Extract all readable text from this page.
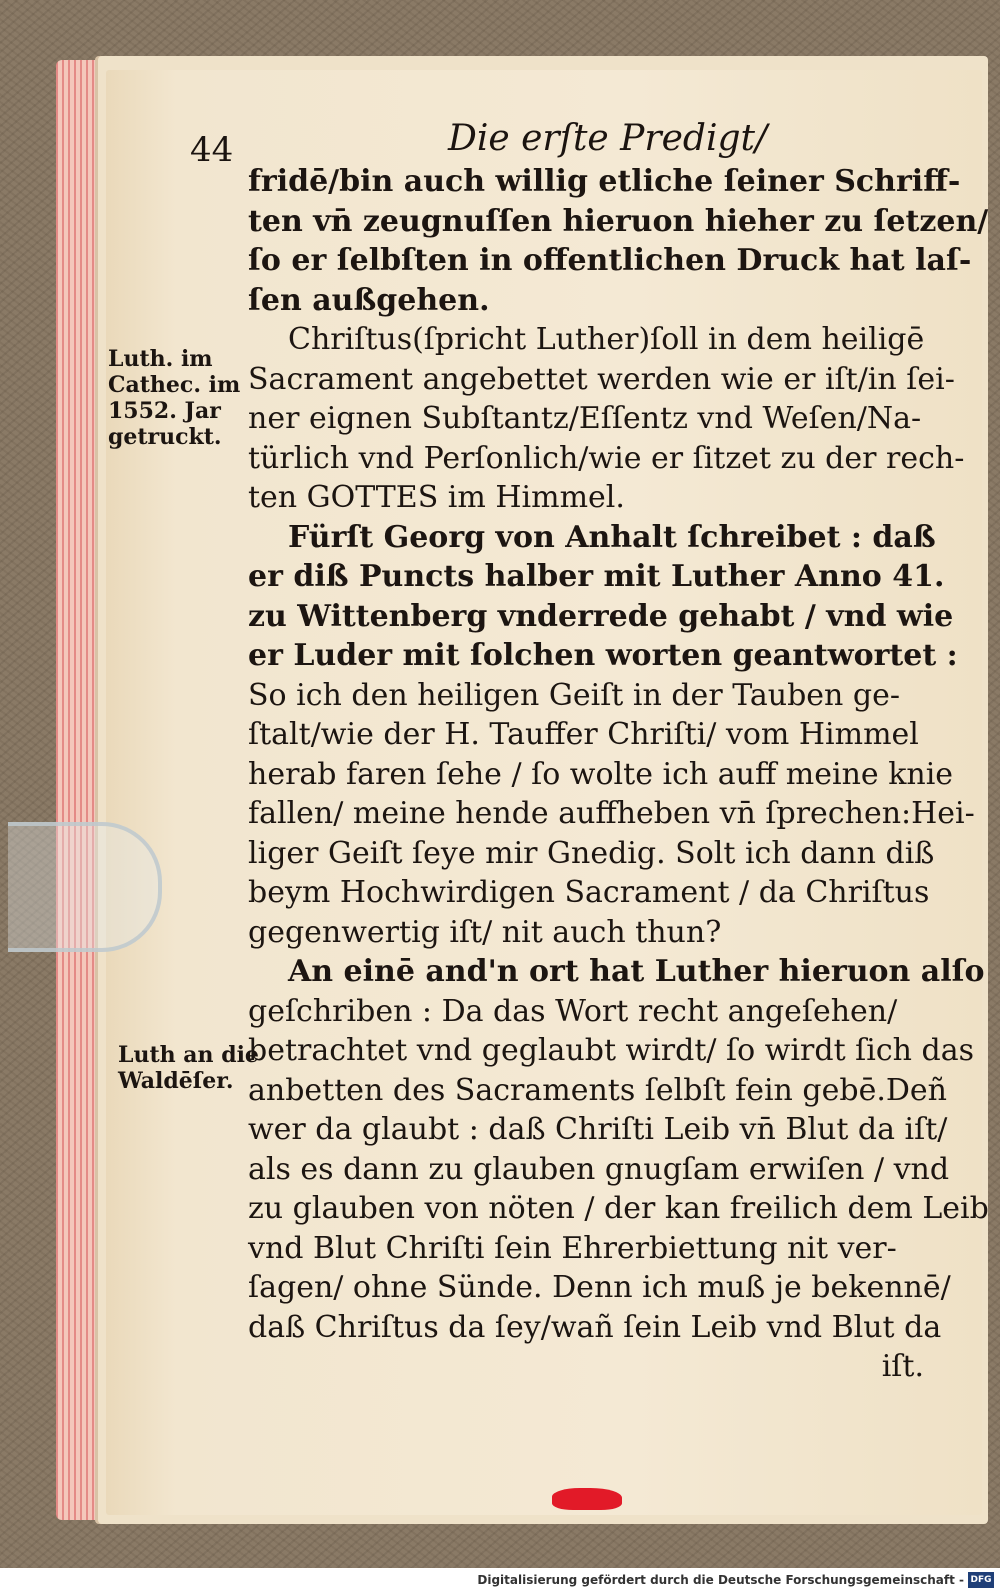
44	Die erſte Predigt/
Luth. im
Cathec. im
1552. Jar
getruckt.
Luth an die
Waldēſer.
fridē/bin auch willig etliche ſeiner Schriff-
ten vn̄ zeugnuſſen hieruon hieher zu ſetzen/
ſo er ſelbſten in offentlichen Druck hat laſ-
ſen außgehen.
Chriſtus(ſpricht Luther)ſoll in dem heiligē
Sacrament angebettet werden wie er iſt/in ſei-
ner eignen Subſtantz/Eſſentz vnd Weſen/Na-
türlich vnd Perſonlich/wie er ſitzet zu der rech-
ten GOTTES im Himmel.
Fürſt Georg von Anhalt ſchreibet : daß
er diß Puncts halber mit Luther Anno 41.
zu Wittenberg vnderrede gehabt / vnd wie
er Luder mit ſolchen worten geantwortet :
So ich den heiligen Geiſt in der Tauben ge-
ſtalt/wie der H. Tauffer Chriſti/ vom Himmel
herab faren ſehe / ſo wolte ich auff meine knie
fallen/ meine hende auffheben vn̄ ſprechen:Hei-
liger Geiſt ſeye mir Gnedig. Solt ich dann diß
beym Hochwirdigen Sacrament / da Chriſtus
gegenwertig iſt/ nit auch thun?
An einē and'n ort hat Luther hieruon alſo
geſchriben : Da das Wort recht angeſehen/
betrachtet vnd geglaubt wirdt/ ſo wirdt ſich das
anbetten des Sacraments ſelbſt fein gebē.Deñ
wer da glaubt : daß Chriſti Leib vn̄ Blut da iſt/
als es dann zu glauben gnugſam erwiſen / vnd
zu glauben von nöten / der kan freilich dem Leib
vnd Blut Chriſti ſein Ehrerbiettung nit ver-
ſagen/ ohne Sünde. Denn ich muß je bekennē/
daß Chriſtus da ſey/wañ ſein Leib vnd Blut da
iſt.
Digitalisierung gefördert durch die Deutsche Forschungsgemeinschaft - DFG
